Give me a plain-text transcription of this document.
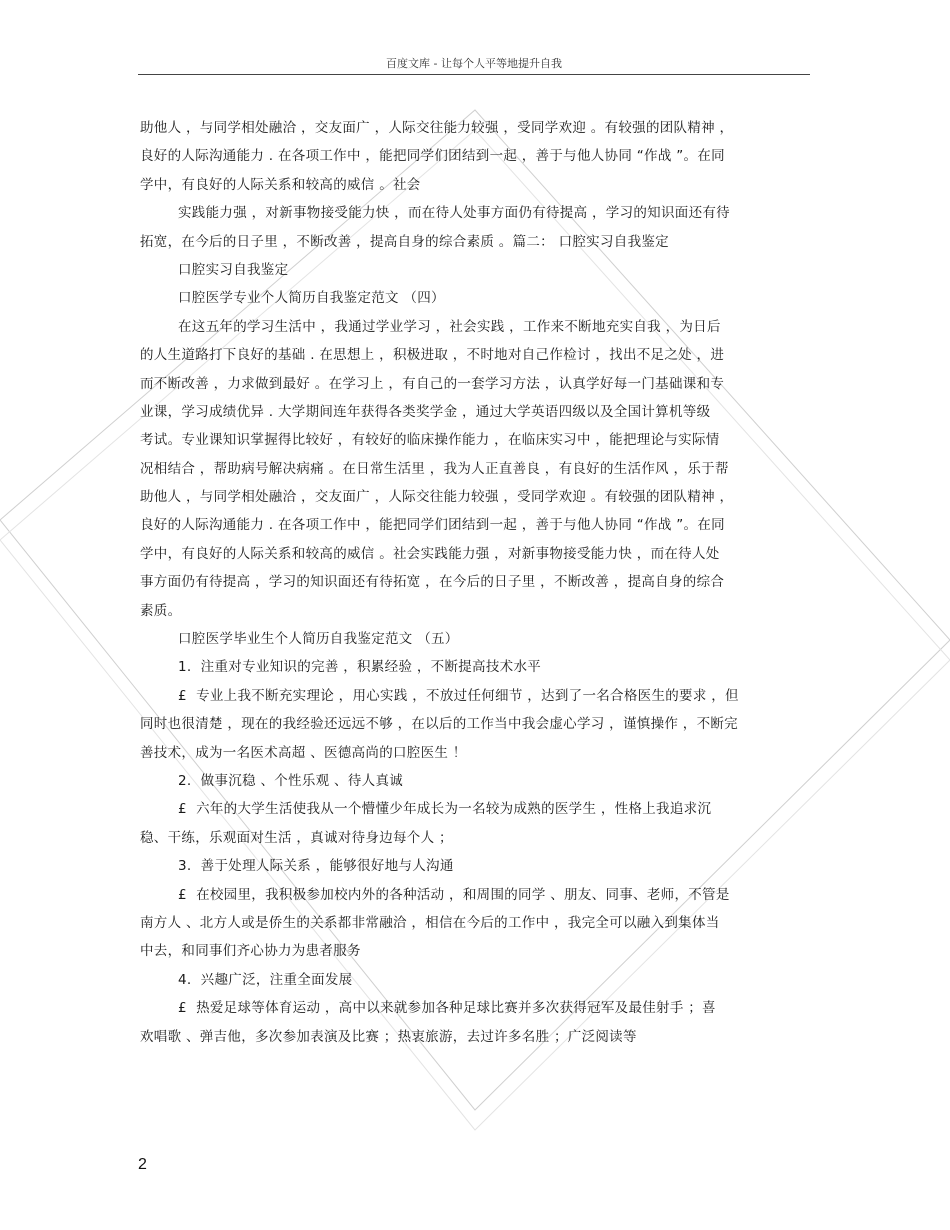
百度文库 - 让每个人平等地提升自我
助他人 ，与同学相处融洽 ，交友面广 ，人际交往能力较强 ，受同学欢迎 。有较强的团队精神 ，
良好的人际沟通能力 . 在各项工作中 ，能把同学们团结到一起 ，善于与他人协同 “作战 ”。在同
学中，有良好的人际关系和较高的威信 。社会
实践能力强 ，对新事物接受能力快 ，而在待人处事方面仍有待提高 ，学习的知识面还有待
拓宽，在今后的日子里 ，不断改善 ，提高自身的综合素质 。篇二： 口腔实习自我鉴定
口腔实习自我鉴定
口腔医学专业个人简历自我鉴定范文 （四）
在这五年的学习生活中 ，我通过学业学习 ，社会实践 ，工作来不断地充实自我 ，为日后
的人生道路打下良好的基础 . 在思想上 ，积极进取 ，不时地对自己作检讨 ，找出不足之处 ，进
而不断改善 ，力求做到最好 。在学习上 ，有自己的一套学习方法 ，认真学好每一门基础课和专
业课，学习成绩优异 . 大学期间连年获得各类奖学金 ，通过大学英语四级以及全国计算机等级
考试。专业课知识掌握得比较好 ，有较好的临床操作能力 ，在临床实习中 ，能把理论与实际情
况相结合 ，帮助病号解决病痛 。在日常生活里 ，我为人正直善良 ，有良好的生活作风 ，乐于帮
助他人 ，与同学相处融洽 ，交友面广 ，人际交往能力较强 ，受同学欢迎 。有较强的团队精神 ，
良好的人际沟通能力 . 在各项工作中 ，能把同学们团结到一起 ，善于与他人协同 “作战 ”。在同
学中，有良好的人际关系和较高的威信 。社会实践能力强 ，对新事物接受能力快 ，而在待人处
事方面仍有待提高 ，学习的知识面还有待拓宽 ，在今后的日子里 ，不断改善 ，提高自身的综合
素质。
口腔医学毕业生个人简历自我鉴定范文 （五）
1.  注重对专业知识的完善 ，积累经验 ，不断提高技术水平
£  专业上我不断充实理论 ，用心实践 ，不放过任何细节 ，达到了一名合格医生的要求 ，但
同时也很清楚 ，现在的我经验还远远不够 ，在以后的工作当中我会虚心学习 ，谨慎操作 ，不断完
善技术，成为一名医术高超 、医德高尚的口腔医生 ！
2.  做事沉稳 、个性乐观 、待人真诚
£  六年的大学生活使我从一个懵懂少年成长为一名较为成熟的医学生 ，性格上我追求沉
稳、干练，乐观面对生活 ，真诚对待身边每个人 ；
3.  善于处理人际关系 ，能够很好地与人沟通
£  在校园里，我积极参加校内外的各种活动 ，和周围的同学 、朋友、同事、老师，不管是
南方人 、北方人或是侨生的关系都非常融洽 ，相信在今后的工作中 ，我完全可以融入到集体当
中去，和同事们齐心协力为患者服务
4.  兴趣广泛，注重全面发展
£  热爱足球等体育运动 ，高中以来就参加各种足球比赛并多次获得冠军及最佳射手 ；喜
欢唱歌 、弹吉他，多次参加表演及比赛 ；热衷旅游，去过许多名胜 ；广泛阅读等
2
